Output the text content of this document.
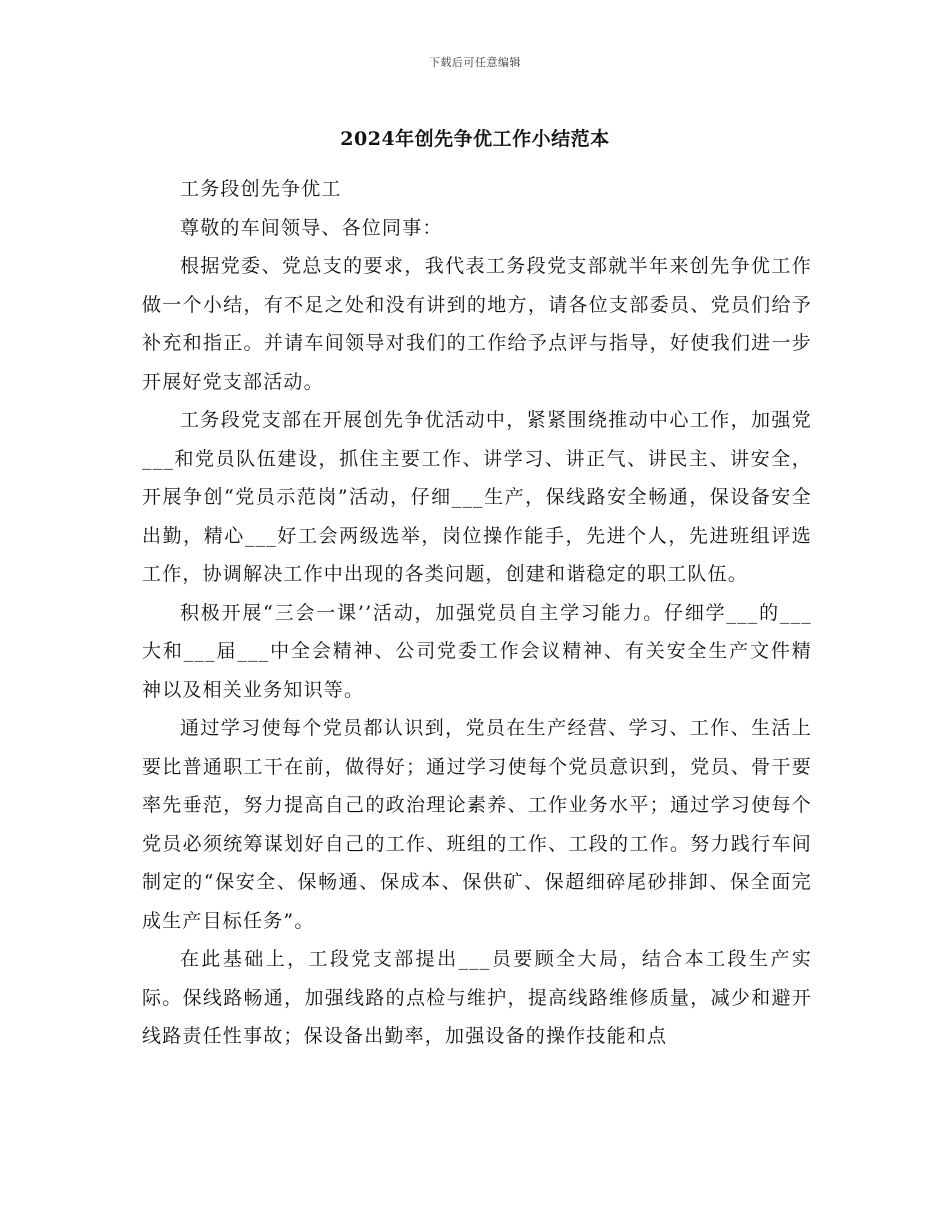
下载后可任意编辑
2024年创先争优工作小结范本

工务段创先争优工

尊敬的车间领导、各位同事：

根据党委、党总支的要求，我代表工务段党支部就半年来创先争优工作做一个小结，有不足之处和没有讲到的地方，请各位支部委员、党员们给予补充和指正。并请车间领导对我们的工作给予点评与指导，好使我们进一步开展好党支部活动。

工务段党支部在开展创先争优活动中，紧紧围绕推动中心工作，加强党___和党员队伍建设，抓住主要工作、讲学习、讲正气、讲民主、讲安全，开展争创“党员示范岗”活动，仔细___生产，保线路安全畅通，保设备安全出勤，精心___好工会两级选举，岗位操作能手，先进个人，先进班组评选工作，协调解决工作中出现的各类问题，创建和谐稳定的职工队伍。

积极开展“三会一课’’活动，加强党员自主学习能力。仔细学___的___大和___届___中全会精神、公司党委工作会议精神、有关安全生产文件精神以及相关业务知识等。

通过学习使每个党员都认识到，党员在生产经营、学习、工作、生活上要比普通职工干在前，做得好；通过学习使每个党员意识到，党员、骨干要率先垂范，努力提高自己的政治理论素养、工作业务水平；通过学习使每个党员必须统筹谋划好自己的工作、班组的工作、工段的工作。努力践行车间制定的“保安全、保畅通、保成本、保供矿、保超细碎尾砂排卸、保全面完成生产目标任务”。

在此基础上，工段党支部提出___员要顾全大局，结合本工段生产实际。保线路畅通，加强线路的点检与维护，提高线路维修质量，减少和避开线路责任性事故；保设备出勤率，加强设备的操作技能和点
